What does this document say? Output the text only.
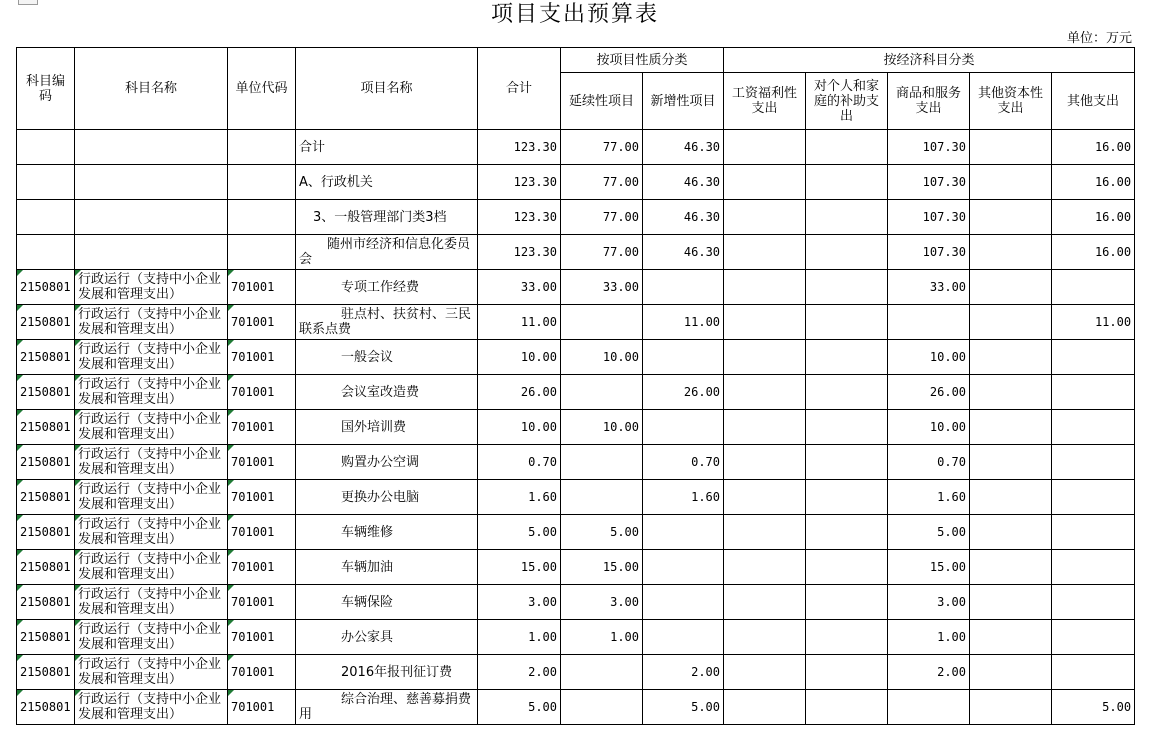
项目支出预算表
单位：万元
科目编码	科目名称	单位代码	项目名称	合计	按项目性质分类		按经济科目分类				
					延续性项目	新增性项目	工资福利性支出	对个人和家庭的补助支出	商品和服务支出	其他资本性支出	其他支出
			合计	123.30	77.00	46.30			107.30		16.00
			A、行政机关	123.30	77.00	46.30			107.30		16.00
			3、一般管理部门类3档	123.30	77.00	46.30			107.30		16.00
			随州市经济和信息化委员会	123.30	77.00	46.30			107.30		16.00
2150801	行政运行（支持中小企业发展和管理支出）	701001	专项工作经费	33.00	33.00				33.00		
2150801	行政运行（支持中小企业发展和管理支出）	701001	驻点村、扶贫村、三民联系点费	11.00		11.00					11.00
2150801	行政运行（支持中小企业发展和管理支出）	701001	一般会议	10.00	10.00				10.00		
2150801	行政运行（支持中小企业发展和管理支出）	701001	会议室改造费	26.00		26.00			26.00		
2150801	行政运行（支持中小企业发展和管理支出）	701001	国外培训费	10.00	10.00				10.00		
2150801	行政运行（支持中小企业发展和管理支出）	701001	购置办公空调	0.70		0.70			0.70		
2150801	行政运行（支持中小企业发展和管理支出）	701001	更换办公电脑	1.60		1.60			1.60		
2150801	行政运行（支持中小企业发展和管理支出）	701001	车辆维修	5.00	5.00				5.00		
2150801	行政运行（支持中小企业发展和管理支出）	701001	车辆加油	15.00	15.00				15.00		
2150801	行政运行（支持中小企业发展和管理支出）	701001	车辆保险	3.00	3.00				3.00		
2150801	行政运行（支持中小企业发展和管理支出）	701001	办公家具	1.00	1.00				1.00		
2150801	行政运行（支持中小企业发展和管理支出）	701001	2016年报刊征订费	2.00		2.00			2.00		
2150801	行政运行（支持中小企业发展和管理支出）	701001	综合治理、慈善募捐费用	5.00		5.00					5.00
